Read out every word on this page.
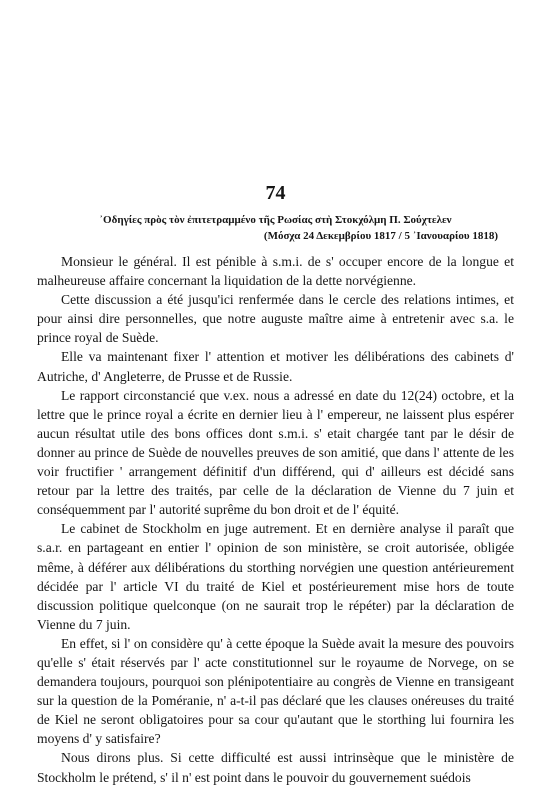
74
᾿Οδηγίες πρὸς τὸν ἐπιτετραμμένο τῆς Ρωσίας στὴ Στοκχόλμη Π. Σούχτελεν
(Μόσχα 24 Δεκεμβρίου 1817 / 5 ᾿Ιανουαρίου 1818)

Monsieur le général. Il est pénible à s.m.i. de s' occuper encore de la longue et malheureuse affaire concernant la liquidation de la dette norvégienne.

Cette discussion a été jusqu'ici renfermée dans le cercle des relations intimes, et pour ainsi dire personnelles, que notre auguste maître aime à entretenir avec s.a. le prince royal de Suède.

Elle va maintenant fixer l' attention et motiver les délibérations des cabinets d' Autriche, d' Angleterre, de Prusse et de Russie.

Le rapport circonstancié que v.ex. nous a adressé en date du 12(24) octobre, et la lettre que le prince royal a écrite en dernier lieu à l' empereur, ne laissent plus espérer aucun résultat utile des bons offices dont s.m.i. s' etait chargée tant par le désir de donner au prince de Suède de nouvelles preuves de son amitié, que dans l' attente de les voir fructifier ' arrangement définitif d'un différend, qui d' ailleurs est décidé sans retour par la lettre des traités, par celle de la déclaration de Vienne du 7 juin et conséquemment par l' autorité suprême du bon droit et de l' équité.

Le cabinet de Stockholm en juge autrement. Et en dernière analyse il paraît que s.a.r. en partageant en entier l' opinion de son ministère, se croit autorisée, obligée même, à déférer aux délibérations du storthing norvégien une question antérieurement décidée par l' article VI du traité de Kiel et postérieurement mise hors de toute discussion politique quelconque (on ne saurait trop le répéter) par la déclaration de Vienne du 7 juin.

En effet, si l' on considère qu' à cette époque la Suède avait la mesure des pouvoirs qu'elle s' était réservés par l' acte constitutionnel sur le royaume de Norvege, on se demandera toujours, pourquoi son plénipotentiaire au congrès de Vienne en transigeant sur la question de la Poméranie, n' a-t-il pas déclaré que les clauses onéreuses du traité de Kiel ne seront obligatoires pour sa cour qu'autant que le storthing lui fournira les moyens d' y satisfaire?

Nous dirons plus. Si cette difficulté est aussi intrinsèque que le ministère de Stockholm le prétend, s' il n' est point dans le pouvoir du gouvernement suédois
